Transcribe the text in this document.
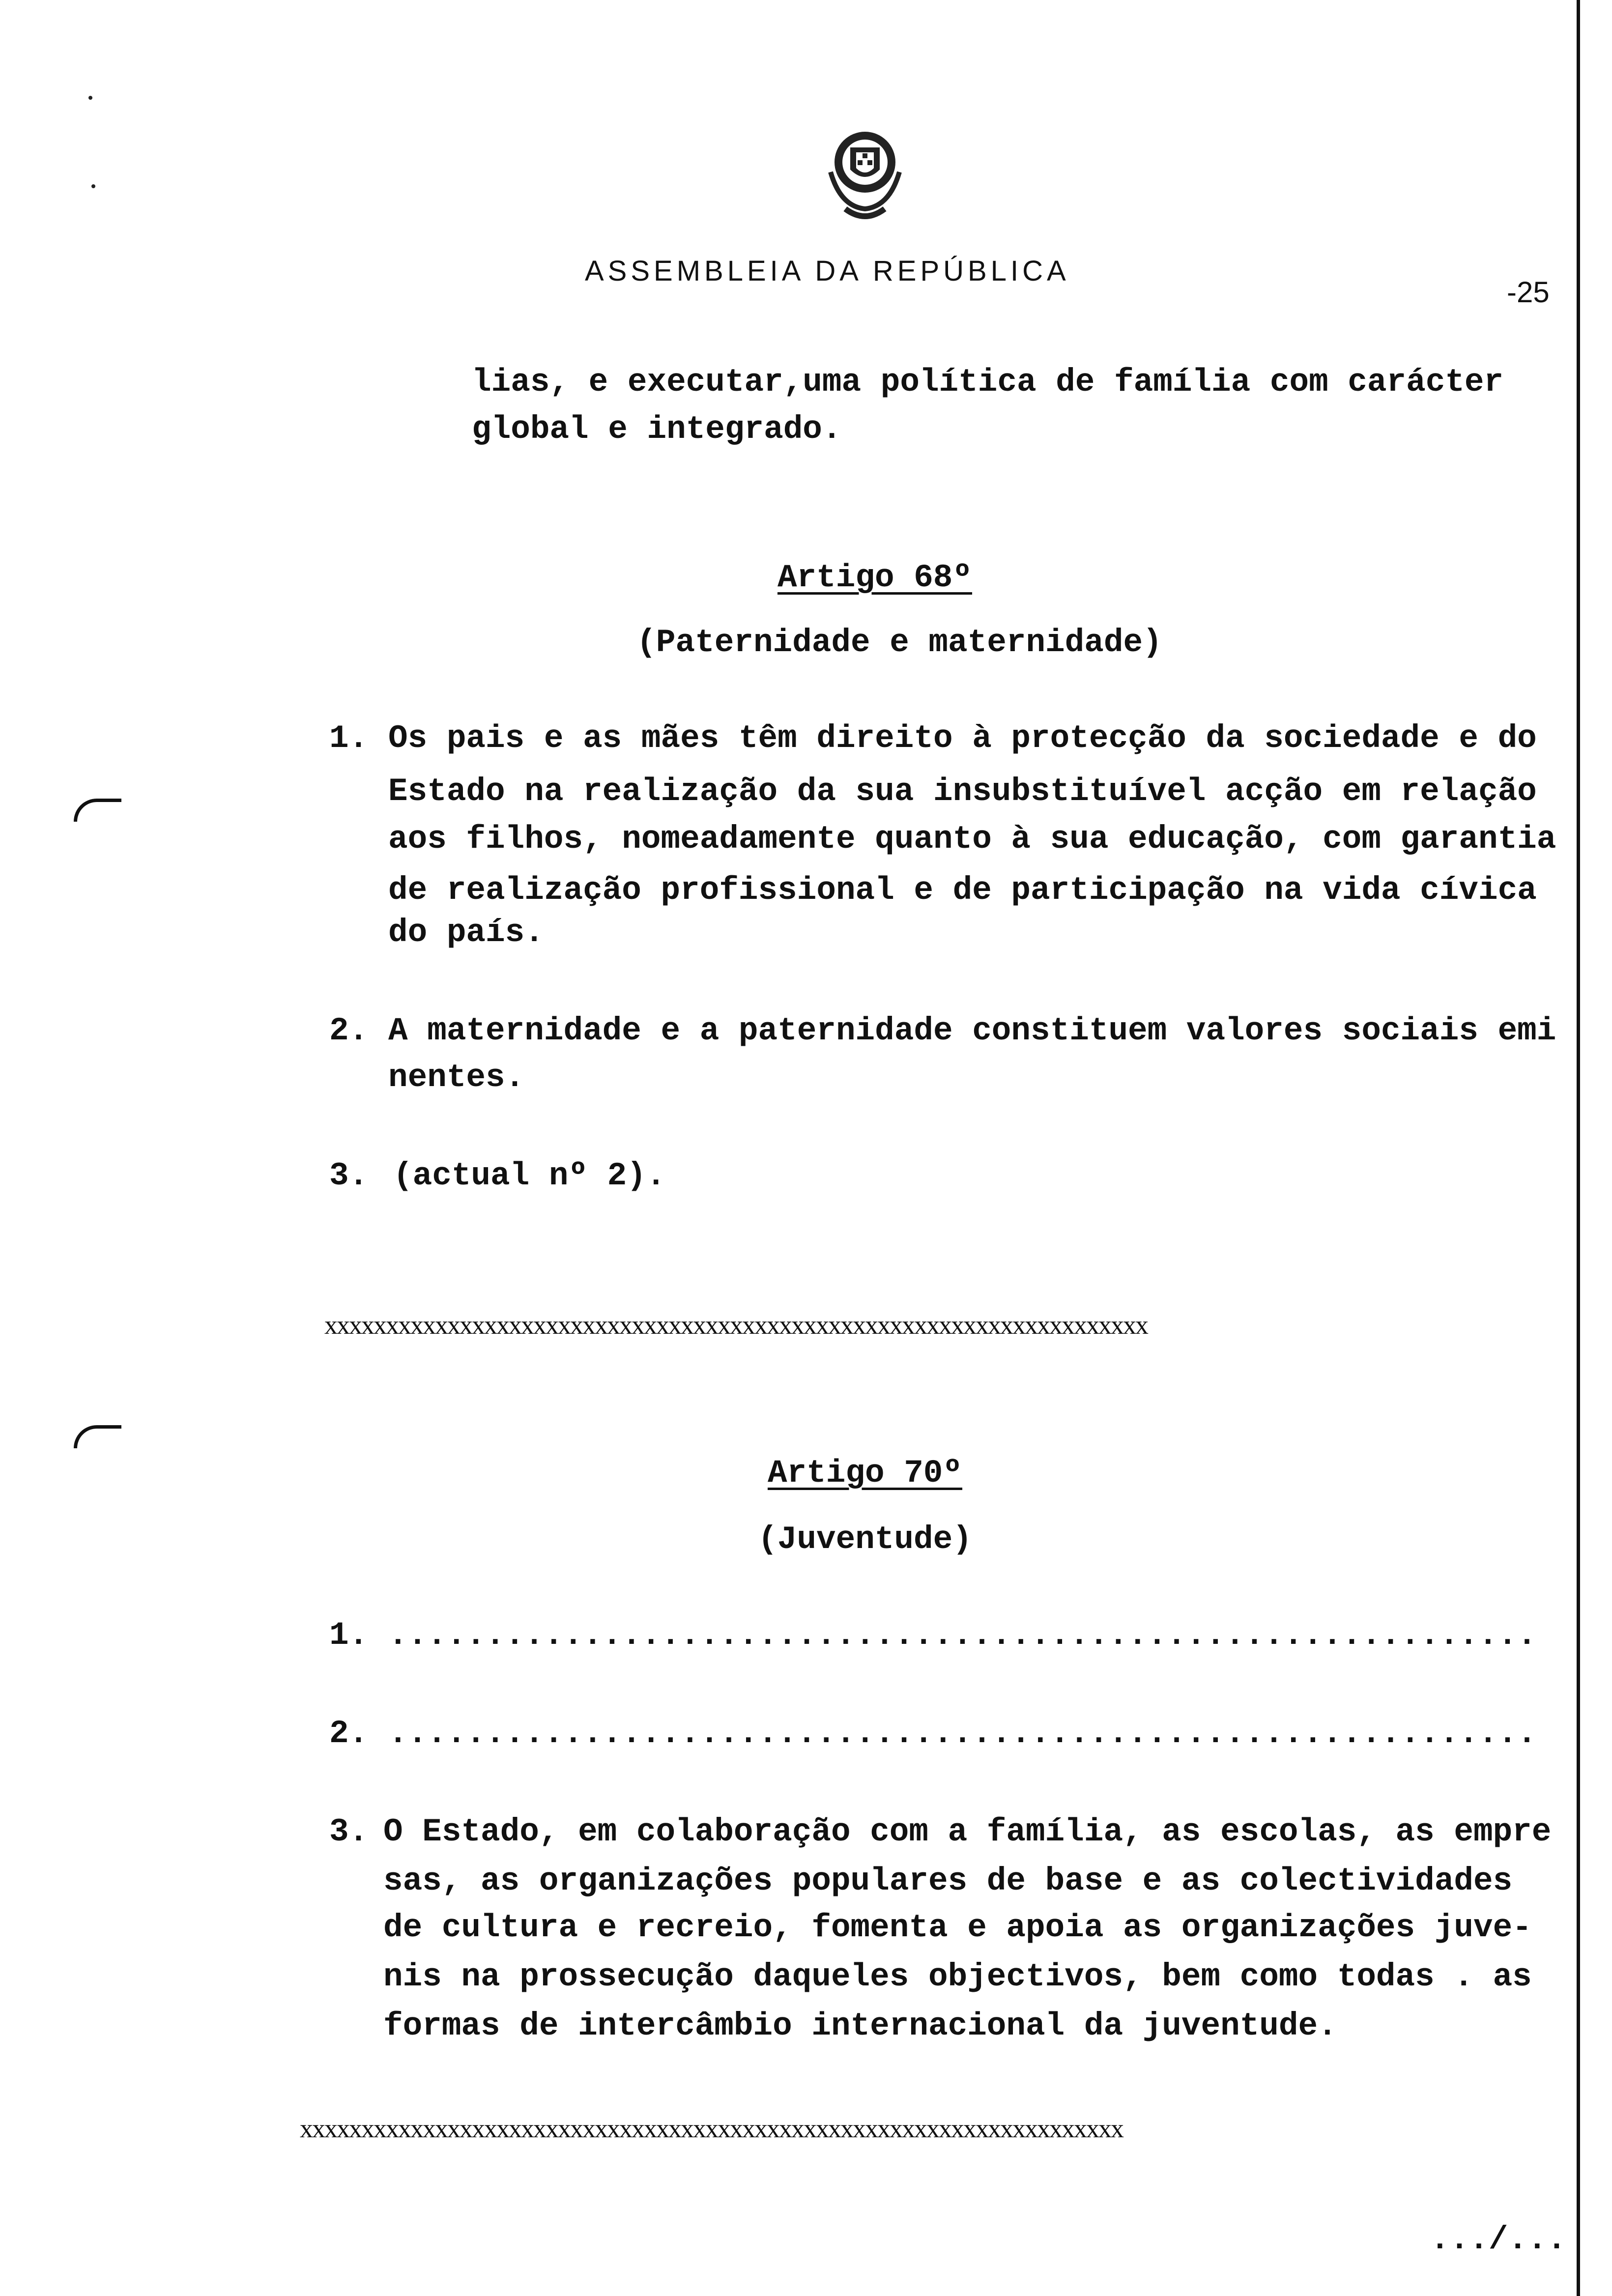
ASSEMBLEIA DA REPÚBLICA
-25
lias, e executar,uma política de família com carácter
global e integrado.
Artigo 68º
(Paternidade e maternidade)
1. Os pais e as mães têm direito à protecção da sociedade e do
Estado na realização da sua insubstituível acção em relação
aos filhos, nomeadamente quanto à sua educação, com garantia
de realização profissional e de participação na vida cívica
do país.
2. A maternidade e a paternidade constituem valores sociais emi
nentes.
3. (actual nº 2).
xxxxxxxxxxxxxxxxxxxxxxxxxxxxxxxxxxxxxxxxxxxxxxxxxxxxxxxxxxxxxxxxxxx
Artigo 70º
(Juventude)
1. ...........................................................
2. ...........................................................
3. O Estado, em colaboração com a família, as escolas, as empre
sas, as organizações populares de base e as colectividades
de cultura e recreio, fomenta e apoia as organizações juve-
nis na prossecução daqueles objectivos, bem como todas . as
formas de intercâmbio internacional da juventude.
xxxxxxxxxxxxxxxxxxxxxxxxxxxxxxxxxxxxxxxxxxxxxxxxxxxxxxxxxxxxxxxxxxx
.../...
